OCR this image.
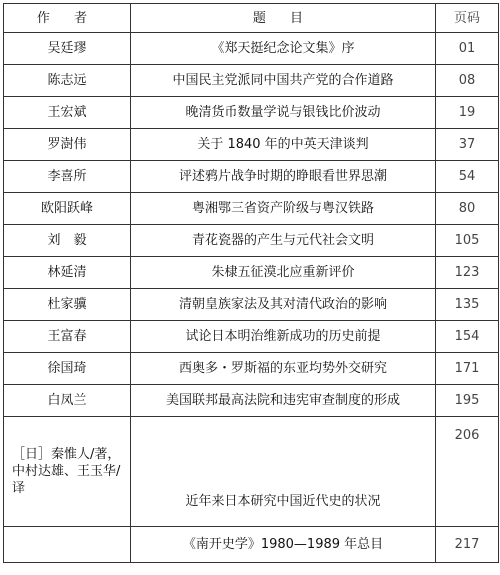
作 者	题 目	页码
吴廷璆	《郑天挺纪念论文集》序	01
陈志远	中国民主党派同中国共产党的合作道路	08
王宏斌	晚清货币数量学说与银钱比价波动	19
罗澍伟	关于 1840 年的中英天津谈判	37
李喜所	评述鸦片战争时期的睁眼看世界思潮	54
欧阳跃峰	粤湘鄂三省资产阶级与粤汉铁路	80
刘　毅	青花瓷器的产生与元代社会文明	105
林延清	朱棣五征漠北应重新评价	123
杜家骥	清朝皇族家法及其对清代政治的影响	135
王富春	试论日本明治维新成功的历史前提	154
徐国琦	西奥多・罗斯福的东亚均势外交研究	171
白凤兰	美国联邦最高法院和违宪审查制度的形成	195

［日］秦惟人/著，
中村达雄、王玉华/
译	近年来日本研究中国近代史的状况	206
	《南开史学》1980—1989 年总目	217
